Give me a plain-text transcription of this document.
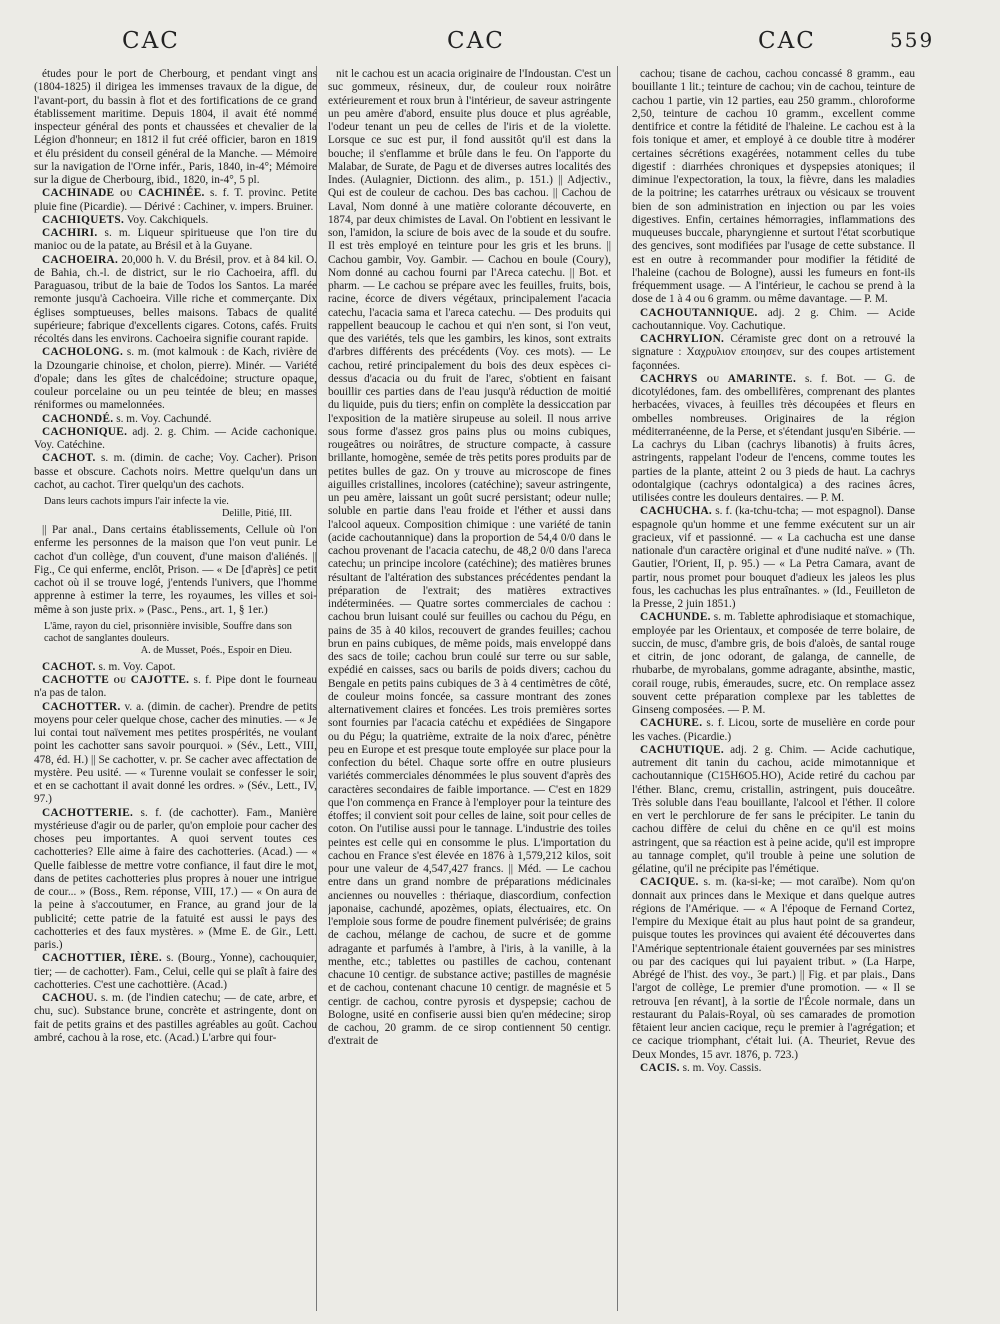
CAC	CAC	CAC	559

études pour le port de Cherbourg, et pendant vingt ans (1804-1825) il dirigea les immenses travaux de la digue, de l'avant-port, du bassin à flot et des fortifications de ce grand établissement maritime. Depuis 1804, il avait été nommé inspecteur général des ponts et chaussées et chevalier de la Légion d'honneur; en 1812 il fut créé officier, baron en 1819 et élu président du conseil général de la Manche. — Mémoire sur la navigation de l'Orne infér., Paris, 1840, in-4°; Mémoire sur la digue de Cherbourg, ibid., 1820, in-4°, 5 pl.

CACHINADE ou CACHINÉE. s. f. T. provinc. Petite pluie fine (Picardie). — Dérivé : Cachiner, v. impers. Bruiner.

CACHIQUETS. Voy. Cakchiquels.

CACHIRI. s. m. Liqueur spiritueuse que l'on tire du manioc ou de la patate, au Brésil et à la Guyane.

CACHOEIRA. 20,000 h. V. du Brésil, prov. et à 84 kil. O. de Bahia, ch.-l. de district, sur le rio Cachoeira, affl. du Paraguasou, tribut de la baie de Todos los Santos. La marée remonte jusqu'à Cachoeira. Ville riche et commerçante. Dix églises somptueuses, belles maisons. Tabacs de qualité supérieure; fabrique d'excellents cigares. Cotons, cafés. Fruits récoltés dans les environs. Cachoeira signifie courant rapide.

CACHOLONG. s. m. (mot kalmouk : de Kach, rivière de la Dzoungarie chinoise, et cholon, pierre). Minér. — Variété d'opale; dans les gîtes de chalcédoine; structure opaque, couleur porcelaine ou un peu teintée de bleu; en masses réniformes ou mamelonnées.

CACHONDÉ. s. m. Voy. Cachundé.

CACHONIQUE. adj. 2. g. Chim. — Acide cachonique. Voy. Catéchine.

CACHOT. s. m. (dimin. de cache; Voy. Cacher). Prison basse et obscure. Cachots noirs. Mettre quelqu'un dans un cachot, au cachot. Tirer quelqu'un des cachots.

Dans leurs cachots impurs l'air infecte la vie.
Delille, Pitié, III.

|| Par anal., Dans certains établissements, Cellule où l'on enferme les personnes de la maison que l'on veut punir. Le cachot d'un collège, d'un couvent, d'une maison d'aliénés. || Fig., Ce qui enferme, enclôt, Prison. — « De [d'après] ce petit cachot où il se trouve logé, j'entends l'univers, que l'homme apprenne à estimer la terre, les royaumes, les villes et soi-même à son juste prix. » (Pasc., Pens., art. 1, § 1er.)

L'âme, rayon du ciel, prisonnière invisible, Souffre dans son cachot de sanglantes douleurs.
A. de Musset, Poés., Espoir en Dieu.

CACHOT. s. m. Voy. Capot.

CACHOTTE ou CAJOTTE. s. f. Pipe dont le fourneau n'a pas de talon.

CACHOTTER. v. a. (dimin. de cacher). Prendre de petits moyens pour celer quelque chose, cacher des minuties. — « Je lui contai tout naïvement mes petites prospérités, ne voulant point les cachotter sans savoir pourquoi. » (Sév., Lett., VIII, 478, éd. H.) || Se cachotter, v. pr. Se cacher avec affectation de mystère. Peu usité. — « Turenne voulait se confesser le soir, et en se cachottant il avait donné les ordres. » (Sév., Lett., IV, 97.)

CACHOTTERIE. s. f. (de cachotter). Fam., Manière mystérieuse d'agir ou de parler, qu'on emploie pour cacher des choses peu importantes. A quoi servent toutes ces cachotteries? Elle aime à faire des cachotteries. (Acad.) — « Quelle faiblesse de mettre votre confiance, il faut dire le mot, dans de petites cachotteries plus propres à nouer une intrigue de cour... » (Boss., Rem. réponse, VIII, 17.) — « On aura de la peine à s'accoutumer, en France, au grand jour de la publicité; cette patrie de la fatuité est aussi le pays des cachotteries et des faux mystères. » (Mme E. de Gir., Lett. paris.)

CACHOTTIER, IÈRE. s. (Bourg., Yonne), cachouquier, tier; — de cachotter). Fam., Celui, celle qui se plaît à faire des cachotteries. C'est une cachottière. (Acad.)

CACHOU. s. m. (de l'indien catechu; — de cate, arbre, et chu, suc). Substance brune, concrète et astringente, dont on fait de petits grains et des pastilles agréables au goût. Cachou ambré, cachou à la rose, etc. (Acad.) L'arbre qui four-

nit le cachou est un acacia originaire de l'Indoustan. C'est un suc gommeux, résineux, dur, de couleur roux noirâtre extérieurement et roux brun à l'intérieur, de saveur astringente un peu amère d'abord, ensuite plus douce et plus agréable, l'odeur tenant un peu de celles de l'iris et de la violette. Lorsque ce suc est pur, il fond aussitôt qu'il est dans la bouche; il s'enflamme et brûle dans le feu. On l'apporte du Malabar, de Surate, de Pagu et de diverses autres localités des Indes. (Aulagnier, Dictionn. des alim., p. 151.) || Adjectiv., Qui est de couleur de cachou. Des bas cachou. || Cachou de Laval, Nom donné à une matière colorante découverte, en 1874, par deux chimistes de Laval. On l'obtient en lessivant le son, l'amidon, la sciure de bois avec de la soude et du soufre. Il est très employé en teinture pour les gris et les bruns. || Cachou gambir, Voy. Gambir. — Cachou en boule (Coury), Nom donné au cachou fourni par l'Areca catechu. || Bot. et pharm. — Le cachou se prépare avec les feuilles, fruits, bois, racine, écorce de divers végétaux, principalement l'acacia catechu, l'acacia sama et l'areca catechu. — Des produits qui rappellent beaucoup le cachou et qui n'en sont, si l'on veut, que des variétés, tels que les gambirs, les kinos, sont extraits d'arbres différents des précédents (Voy. ces mots). — Le cachou, retiré principalement du bois des deux espèces ci-dessus d'acacia ou du fruit de l'arec, s'obtient en faisant bouillir ces parties dans de l'eau jusqu'à réduction de moitié du liquide, puis du tiers; enfin on complète la dessiccation par l'exposition de la matière sirupeuse au soleil. Il nous arrive sous forme d'assez gros pains plus ou moins cubiques, rougeâtres ou noirâtres, de structure compacte, à cassure brillante, homogène, semée de très petits pores produits par de petites bulles de gaz. On y trouve au microscope de fines aiguilles cristallines, incolores (catéchine); saveur astringente, un peu amère, laissant un goût sucré persistant; odeur nulle; soluble en partie dans l'eau froide et l'éther et aussi dans l'alcool aqueux. Composition chimique : une variété de tanin (acide cachoutannique) dans la proportion de 54,4 0/0 dans le cachou provenant de l'acacia catechu, de 48,2 0/0 dans l'areca catechu; un principe incolore (catéchine); des matières brunes résultant de l'altération des substances précédentes pendant la préparation de l'extrait; des matières extractives indéterminées. — Quatre sortes commerciales de cachou : cachou brun luisant coulé sur feuilles ou cachou du Pégu, en pains de 35 à 40 kilos, recouvert de grandes feuilles; cachou brun en pains cubiques, de même poids, mais enveloppé dans des sacs de toile; cachou brun coulé sur terre ou sur sable, expédié en caisses, sacs ou barils de poids divers; cachou du Bengale en petits pains cubiques de 3 à 4 centimètres de côté, de couleur moins foncée, sa cassure montrant des zones alternativement claires et foncées. Les trois premières sortes sont fournies par l'acacia catéchu et expédiées de Singapore ou du Pégu; la quatrième, extraite de la noix d'arec, pénètre peu en Europe et est presque toute employée sur place pour la confection du bétel. Chaque sorte offre en outre plusieurs variétés commerciales dénommées le plus souvent d'après des caractères secondaires de faible importance. — C'est en 1829 que l'on commença en France à l'employer pour la teinture des étoffes; il convient soit pour celles de laine, soit pour celles de coton. On l'utilise aussi pour le tannage. L'industrie des toiles peintes est celle qui en consomme le plus. L'importation du cachou en France s'est élevée en 1876 à 1,579,212 kilos, soit pour une valeur de 4,547,427 francs. || Méd. — Le cachou entre dans un grand nombre de préparations médicinales anciennes ou nouvelles : thériaque, diascordium, confection japonaise, cachundé, apozèmes, opiats, électuaires, etc. On l'emploie sous forme de poudre finement pulvérisée; de grains de cachou, mélange de cachou, de sucre et de gomme adragante et parfumés à l'ambre, à l'iris, à la vanille, à la menthe, etc.; tablettes ou pastilles de cachou, contenant chacune 10 centigr. de substance active; pastilles de magnésie et de cachou, contenant chacune 10 centigr. de magnésie et 5 centigr. de cachou, contre pyrosis et dyspepsie; cachou de Bologne, usité en confiserie aussi bien qu'en médecine; sirop de cachou, 20 gramm. de ce sirop contiennent 50 centigr. d'extrait de

cachou; tisane de cachou, cachou concassé 8 gramm., eau bouillante 1 lit.; teinture de cachou; vin de cachou, teinture de cachou 1 partie, vin 12 parties, eau 250 gramm., chloroforme 2,50, teinture de cachou 10 gramm., excellent comme dentifrice et contre la fétidité de l'haleine. Le cachou est à la fois tonique et amer, et employé à ce double titre à modérer certaines sécrétions exagérées, notamment celles du tube digestif : diarrhées chroniques et dyspepsies atoniques; il diminue l'expectoration, la toux, la fièvre, dans les maladies de la poitrine; les catarrhes urétraux ou vésicaux se trouvent bien de son administration en injection ou par les voies digestives. Enfin, certaines hémorragies, inflammations des muqueuses buccale, pharyngienne et surtout l'état scorbutique des gencives, sont modifiées par l'usage de cette substance. Il est en outre à recommander pour modifier la fétidité de l'haleine (cachou de Bologne), aussi les fumeurs en font-ils fréquemment usage. — A l'intérieur, le cachou se prend à la dose de 1 à 4 ou 6 gramm. ou même davantage. — P. M.

CACHOUTANNIQUE. adj. 2 g. Chim. — Acide cachoutannique. Voy. Cachutique.

CACHRYLION. Céramiste grec dont on a retrouvé la signature : Χαχρυλιον εποιησεν, sur des coupes artistement façonnées.

CACHRYS ou AMARINTE. s. f. Bot. — G. de dicotylédones, fam. des ombellifères, comprenant des plantes herbacées, vivaces, à feuilles très découpées et fleurs en ombelles nombreuses. Originaires de la région méditerranéenne, de la Perse, et s'étendant jusqu'en Sibérie. — La cachrys du Liban (cachrys libanotis) à fruits âcres, astringents, rappelant l'odeur de l'encens, comme toutes les parties de la plante, atteint 2 ou 3 pieds de haut. La cachrys odontalgique (cachrys odontalgica) a des racines âcres, utilisées contre les douleurs dentaires. — P. M.

CACHUCHA. s. f. (ka-tchu-tcha; — mot espagnol). Danse espagnole qu'un homme et une femme exécutent sur un air gracieux, vif et passionné. — « La cachucha est une danse nationale d'un caractère original et d'une nudité naïve. » (Th. Gautier, l'Orient, II, p. 95.) — « La Petra Camara, avant de partir, nous promet pour bouquet d'adieux les jaleos les plus fous, les cachuchas les plus entraînantes. » (Id., Feuilleton de la Presse, 2 juin 1851.)

CACHUNDE. s. m. Tablette aphrodisiaque et stomachique, employée par les Orientaux, et composée de terre bolaire, de succin, de musc, d'ambre gris, de bois d'aloès, de santal rouge et citrin, de jonc odorant, de galanga, de cannelle, de rhubarbe, de myrobalans, gomme adragante, absinthe, mastic, corail rouge, rubis, émeraudes, sucre, etc. On remplace assez souvent cette préparation complexe par les tablettes de Ginseng composées. — P. M.

CACHURE. s. f. Licou, sorte de muselière en corde pour les vaches. (Picardie.)

CACHUTIQUE. adj. 2 g. Chim. — Acide cachutique, autrement dit tanin du cachou, acide mimotannique et cachoutannique (C15H6O5.HO), Acide retiré du cachou par l'éther. Blanc, cremu, cristallin, astringent, puis douceâtre. Très soluble dans l'eau bouillante, l'alcool et l'éther. Il colore en vert le perchlorure de fer sans le précipiter. Le tanin du cachou diffère de celui du chêne en ce qu'il est moins astringent, que sa réaction est à peine acide, qu'il est impropre au tannage complet, qu'il trouble à peine une solution de gélatine, qu'il ne précipite pas l'émétique.

CACIQUE. s. m. (ka-si-ke; — mot caraïbe). Nom qu'on donnait aux princes dans le Mexique et dans quelque autres régions de l'Amérique. — « A l'époque de Fernand Cortez, l'empire du Mexique était au plus haut point de sa grandeur, puisque toutes les provinces qui avaient été découvertes dans l'Amérique septentrionale étaient gouvernées par ses ministres ou par des caciques qui lui payaient tribut. » (La Harpe, Abrégé de l'hist. des voy., 3e part.) || Fig. et par plais., Dans l'argot de collège, Le premier d'une promotion. — « Il se retrouva [en révant], à la sortie de l'École normale, dans un restaurant du Palais-Royal, où ses camarades de promotion fêtaient leur ancien cacique, reçu le premier à l'agrégation; et ce cacique triomphant, c'était lui. (A. Theuriet, Revue des Deux Mondes, 15 avr. 1876, p. 723.)

CACIS. s. m. Voy. Cassis.
